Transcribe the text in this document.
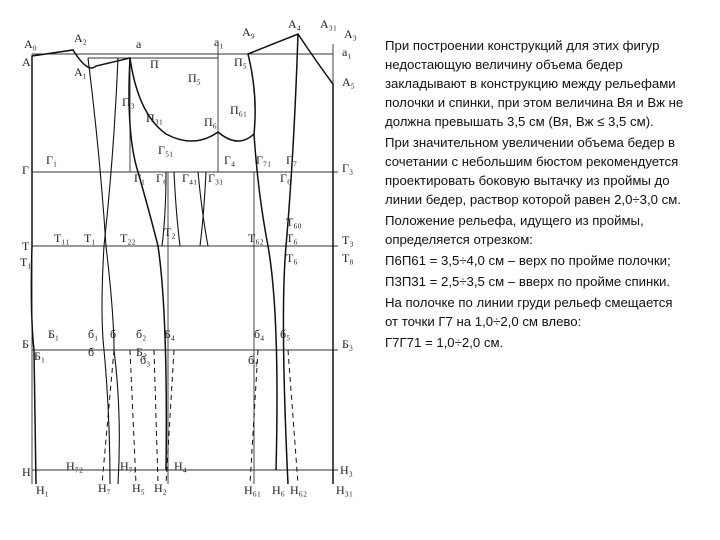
А₀	А₂	а	а₁
А₉
А₄ А₃₁
А₃
А
А₁
П
П₅
П₅
а₁
А₅
П₃
П₃₁	П₆
П₆₁
Г₅₁
Г
Г₁
Г₁ Г₆ Г₄₁
Г₄ Г₇₁ Г₇
Г₃₁	Г₆
Г₃
Т₁₁ Т₁ Т₂₂ Т₂	Т₆₂
Т₆₀
Т₆
Т₆
Т
Т₁
Т₃
Т₈
Б₁ б₁ б б₂ Б₄	б₄ б₅
Б
Б₁	б
б₁
Б₂
б₃
Б₃
Н₇₂	Н₇₁	Н₄
Н
Н₁	Н₇ Н₅ Н₂	Н₆₁ Н₆ Н₆₂
Н₃
Н₃₁

При построении конструкций для этих фигур недостающую величину объема бедер закладывают в конструкцию между рельефами полочки и спинки, при этом величина Вя и Вж не должна превышать 3,5 см (Вя, Вж ≤ 3,5 см).

При значительном увеличении объема бедер в сочетании с небольшим бюстом рекомендуется проектировать боковую вытачку из проймы до линии бедер, раствор которой равен 2,0÷3,0 см.

Положение рельефа, идущего из проймы, определяется отрезком:

П6П61 = 3,5÷4,0 см – верх по пройме полочки;

П3П31 = 2,5÷3,5 см – вверх по пройме спинки.

На полочке по линии груди рельеф смещается от точки Г7 на 1,0÷2,0 см влево:

Г7Г71 = 1,0÷2,0 см.
